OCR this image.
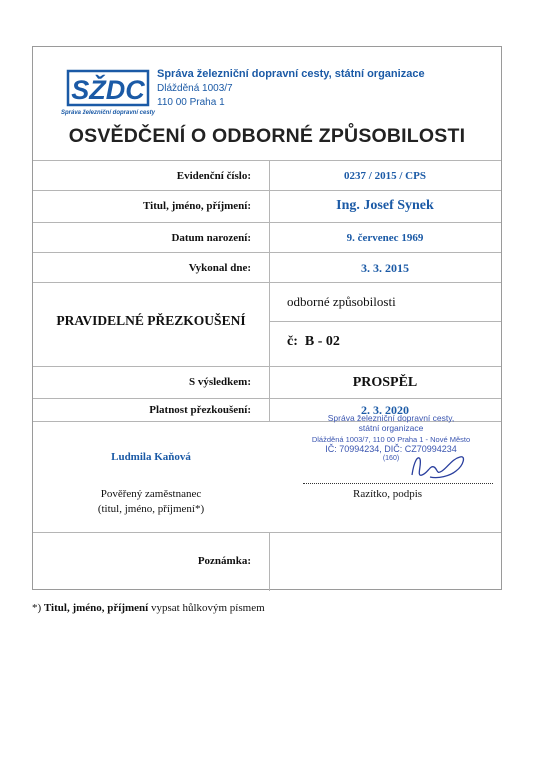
SŽDC
Správa železniční dopravní cesty
Správa železniční dopravní cesty, státní organizace
Dlážděná 1003/7
110 00 Praha 1
OSVĚDČENÍ O ODBORNÉ ZPŮSOBILOSTI
Evidenční číslo:	0237 / 2015 / CPS
Titul, jméno, příjmení:	Ing. Josef Synek
Datum narození:	9. červenec 1969
Vykonal dne:	3. 3. 2015
PRAVIDELNÉ PŘEZKOUŠENÍ
odborné způsobilosti
č:  B - 02
S výsledkem:	PROSPĚL
Platnost přezkoušení:	2. 3. 2020
Správa železniční dopravní cesty,
státní organizace
Dlážděná 1003/7, 110 00 Praha 1 - Nové Město
IČ: 70994234, DIČ: CZ70994234
(160)
Ludmila Kaňová
Razítko, podpis
Pověřený zaměstnanec
(titul, jméno, příjmení*)
Poznámka:
*) Titul, jméno, příjmení vypsat hůlkovým písmem
